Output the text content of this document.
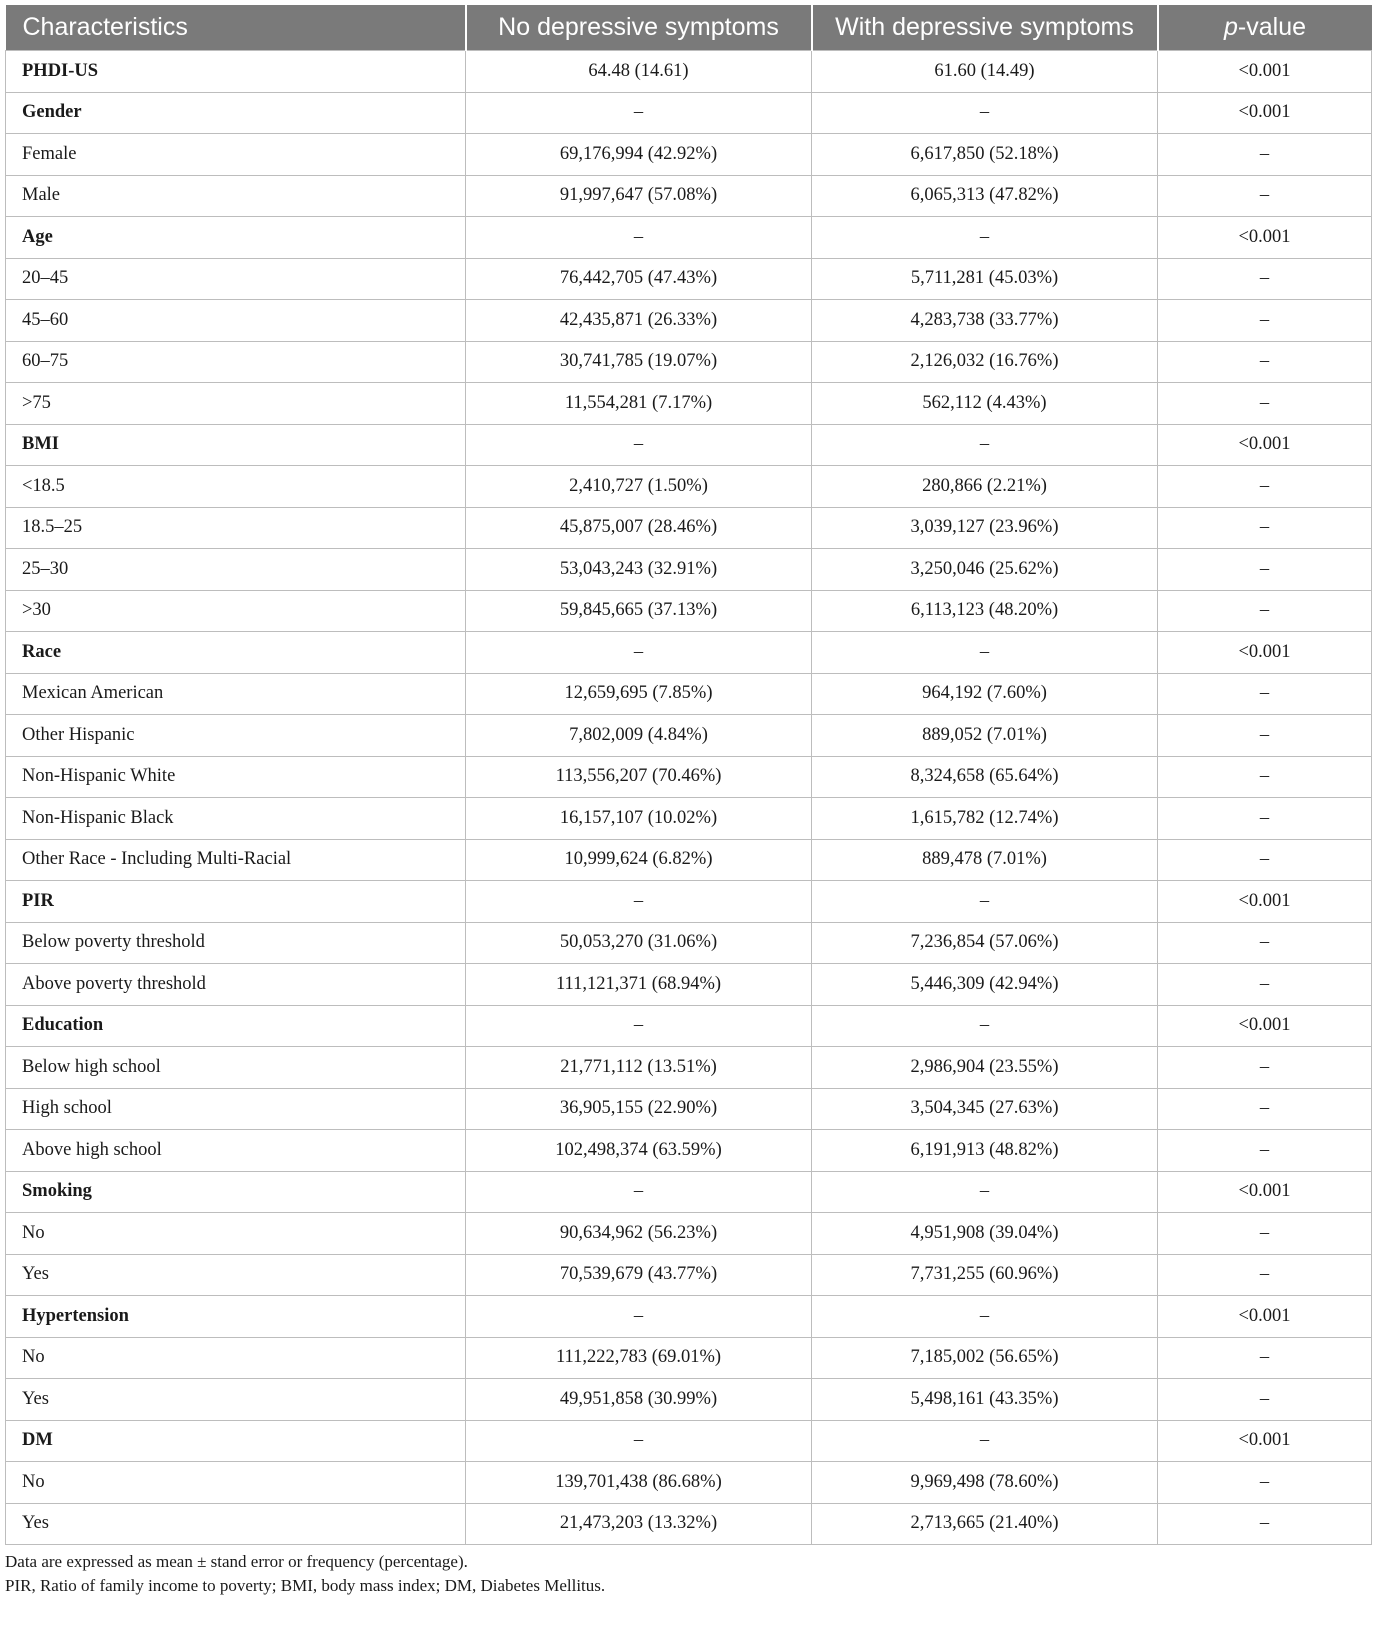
Characteristics	No depressive symptoms	With depressive symptoms	p-value
PHDI-US	64.48 (14.61)	61.60 (14.49)	<0.001
Gender	–	–	<0.001
Female	69,176,994 (42.92%)	6,617,850 (52.18%)	–
Male	91,997,647 (57.08%)	6,065,313 (47.82%)	–
Age	–	–	<0.001
20–45	76,442,705 (47.43%)	5,711,281 (45.03%)	–
45–60	42,435,871 (26.33%)	4,283,738 (33.77%)	–
60–75	30,741,785 (19.07%)	2,126,032 (16.76%)	–
>75	11,554,281 (7.17%)	562,112 (4.43%)	–
BMI	–	–	<0.001
<18.5	2,410,727 (1.50%)	280,866 (2.21%)	–
18.5–25	45,875,007 (28.46%)	3,039,127 (23.96%)	–
25–30	53,043,243 (32.91%)	3,250,046 (25.62%)	–
>30	59,845,665 (37.13%)	6,113,123 (48.20%)	–
Race	–	–	<0.001
Mexican American	12,659,695 (7.85%)	964,192 (7.60%)	–
Other Hispanic	7,802,009 (4.84%)	889,052 (7.01%)	–
Non-Hispanic White	113,556,207 (70.46%)	8,324,658 (65.64%)	–
Non-Hispanic Black	16,157,107 (10.02%)	1,615,782 (12.74%)	–
Other Race - Including Multi-Racial	10,999,624 (6.82%)	889,478 (7.01%)	–
PIR	–	–	<0.001
Below poverty threshold	50,053,270 (31.06%)	7,236,854 (57.06%)	–
Above poverty threshold	111,121,371 (68.94%)	5,446,309 (42.94%)	–
Education	–	–	<0.001
Below high school	21,771,112 (13.51%)	2,986,904 (23.55%)	–
High school	36,905,155 (22.90%)	3,504,345 (27.63%)	–
Above high school	102,498,374 (63.59%)	6,191,913 (48.82%)	–
Smoking	–	–	<0.001
No	90,634,962 (56.23%)	4,951,908 (39.04%)	–
Yes	70,539,679 (43.77%)	7,731,255 (60.96%)	–
Hypertension	–	–	<0.001
No	111,222,783 (69.01%)	7,185,002 (56.65%)	–
Yes	49,951,858 (30.99%)	5,498,161 (43.35%)	–
DM	–	–	<0.001
No	139,701,438 (86.68%)	9,969,498 (78.60%)	–
Yes	21,473,203 (13.32%)	2,713,665 (21.40%)	–
Data are expressed as mean ± stand error or frequency (percentage).
PIR, Ratio of family income to poverty; BMI, body mass index; DM, Diabetes Mellitus.
